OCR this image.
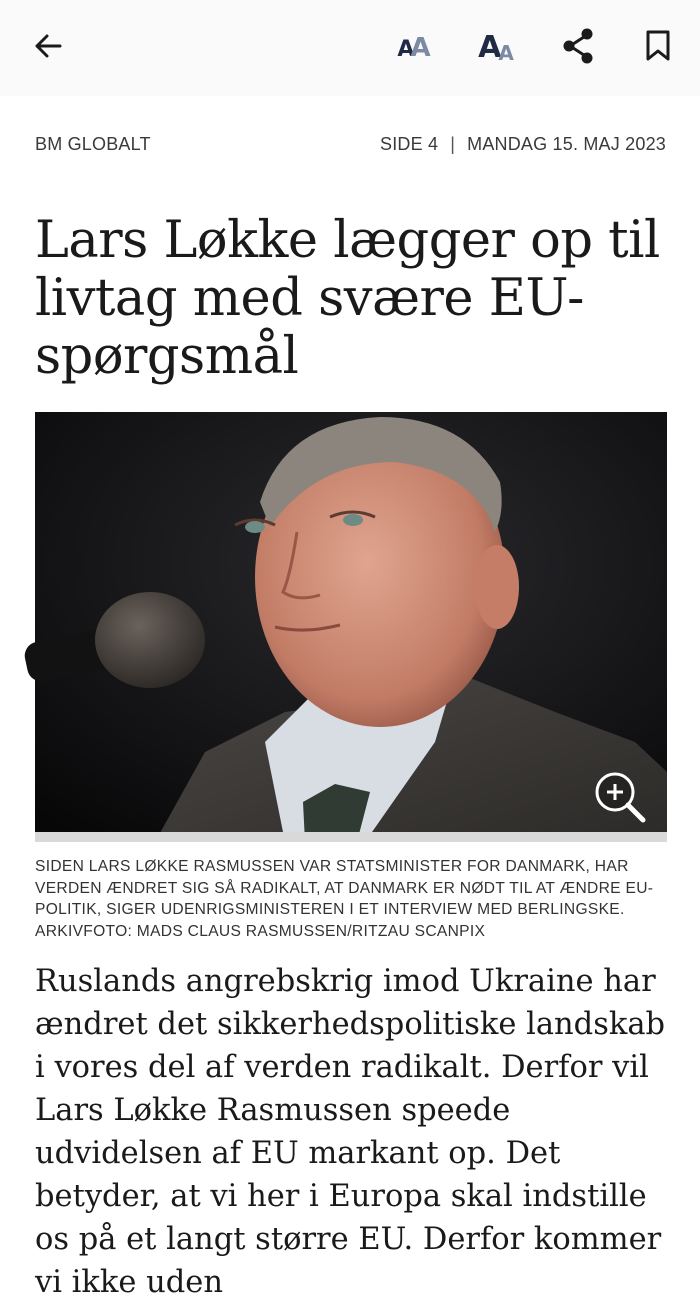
A
A A
A
BM GLOBALT	SIDE 4 | MANDAG 15. MAJ 2023
Lars Løkke lægger op til livtag med svære EU-spørgsmål
SIDEN LARS LØKKE RASMUSSEN VAR STATSMINISTER FOR DANMARK, HAR VERDEN ÆNDRET SIG SÅ RADIKALT, AT DANMARK ER NØDT TIL AT ÆNDRE EU-POLITIK, SIGER UDENRIGSMINISTEREN I ET INTERVIEW MED BERLINGSKE. ARKIVFOTO: MADS CLAUS RASMUSSEN/RITZAU SCANPIX
Ruslands angrebskrig imod Ukraine har ændret det sikkerhedspolitiske landskab i vores del af verden radikalt. Derfor vil Lars Løkke Rasmussen speede udvidelsen af EU markant op. Det betyder, at vi her i Europa skal indstille os på et langt større EU. Derfor kommer vi ikke uden
